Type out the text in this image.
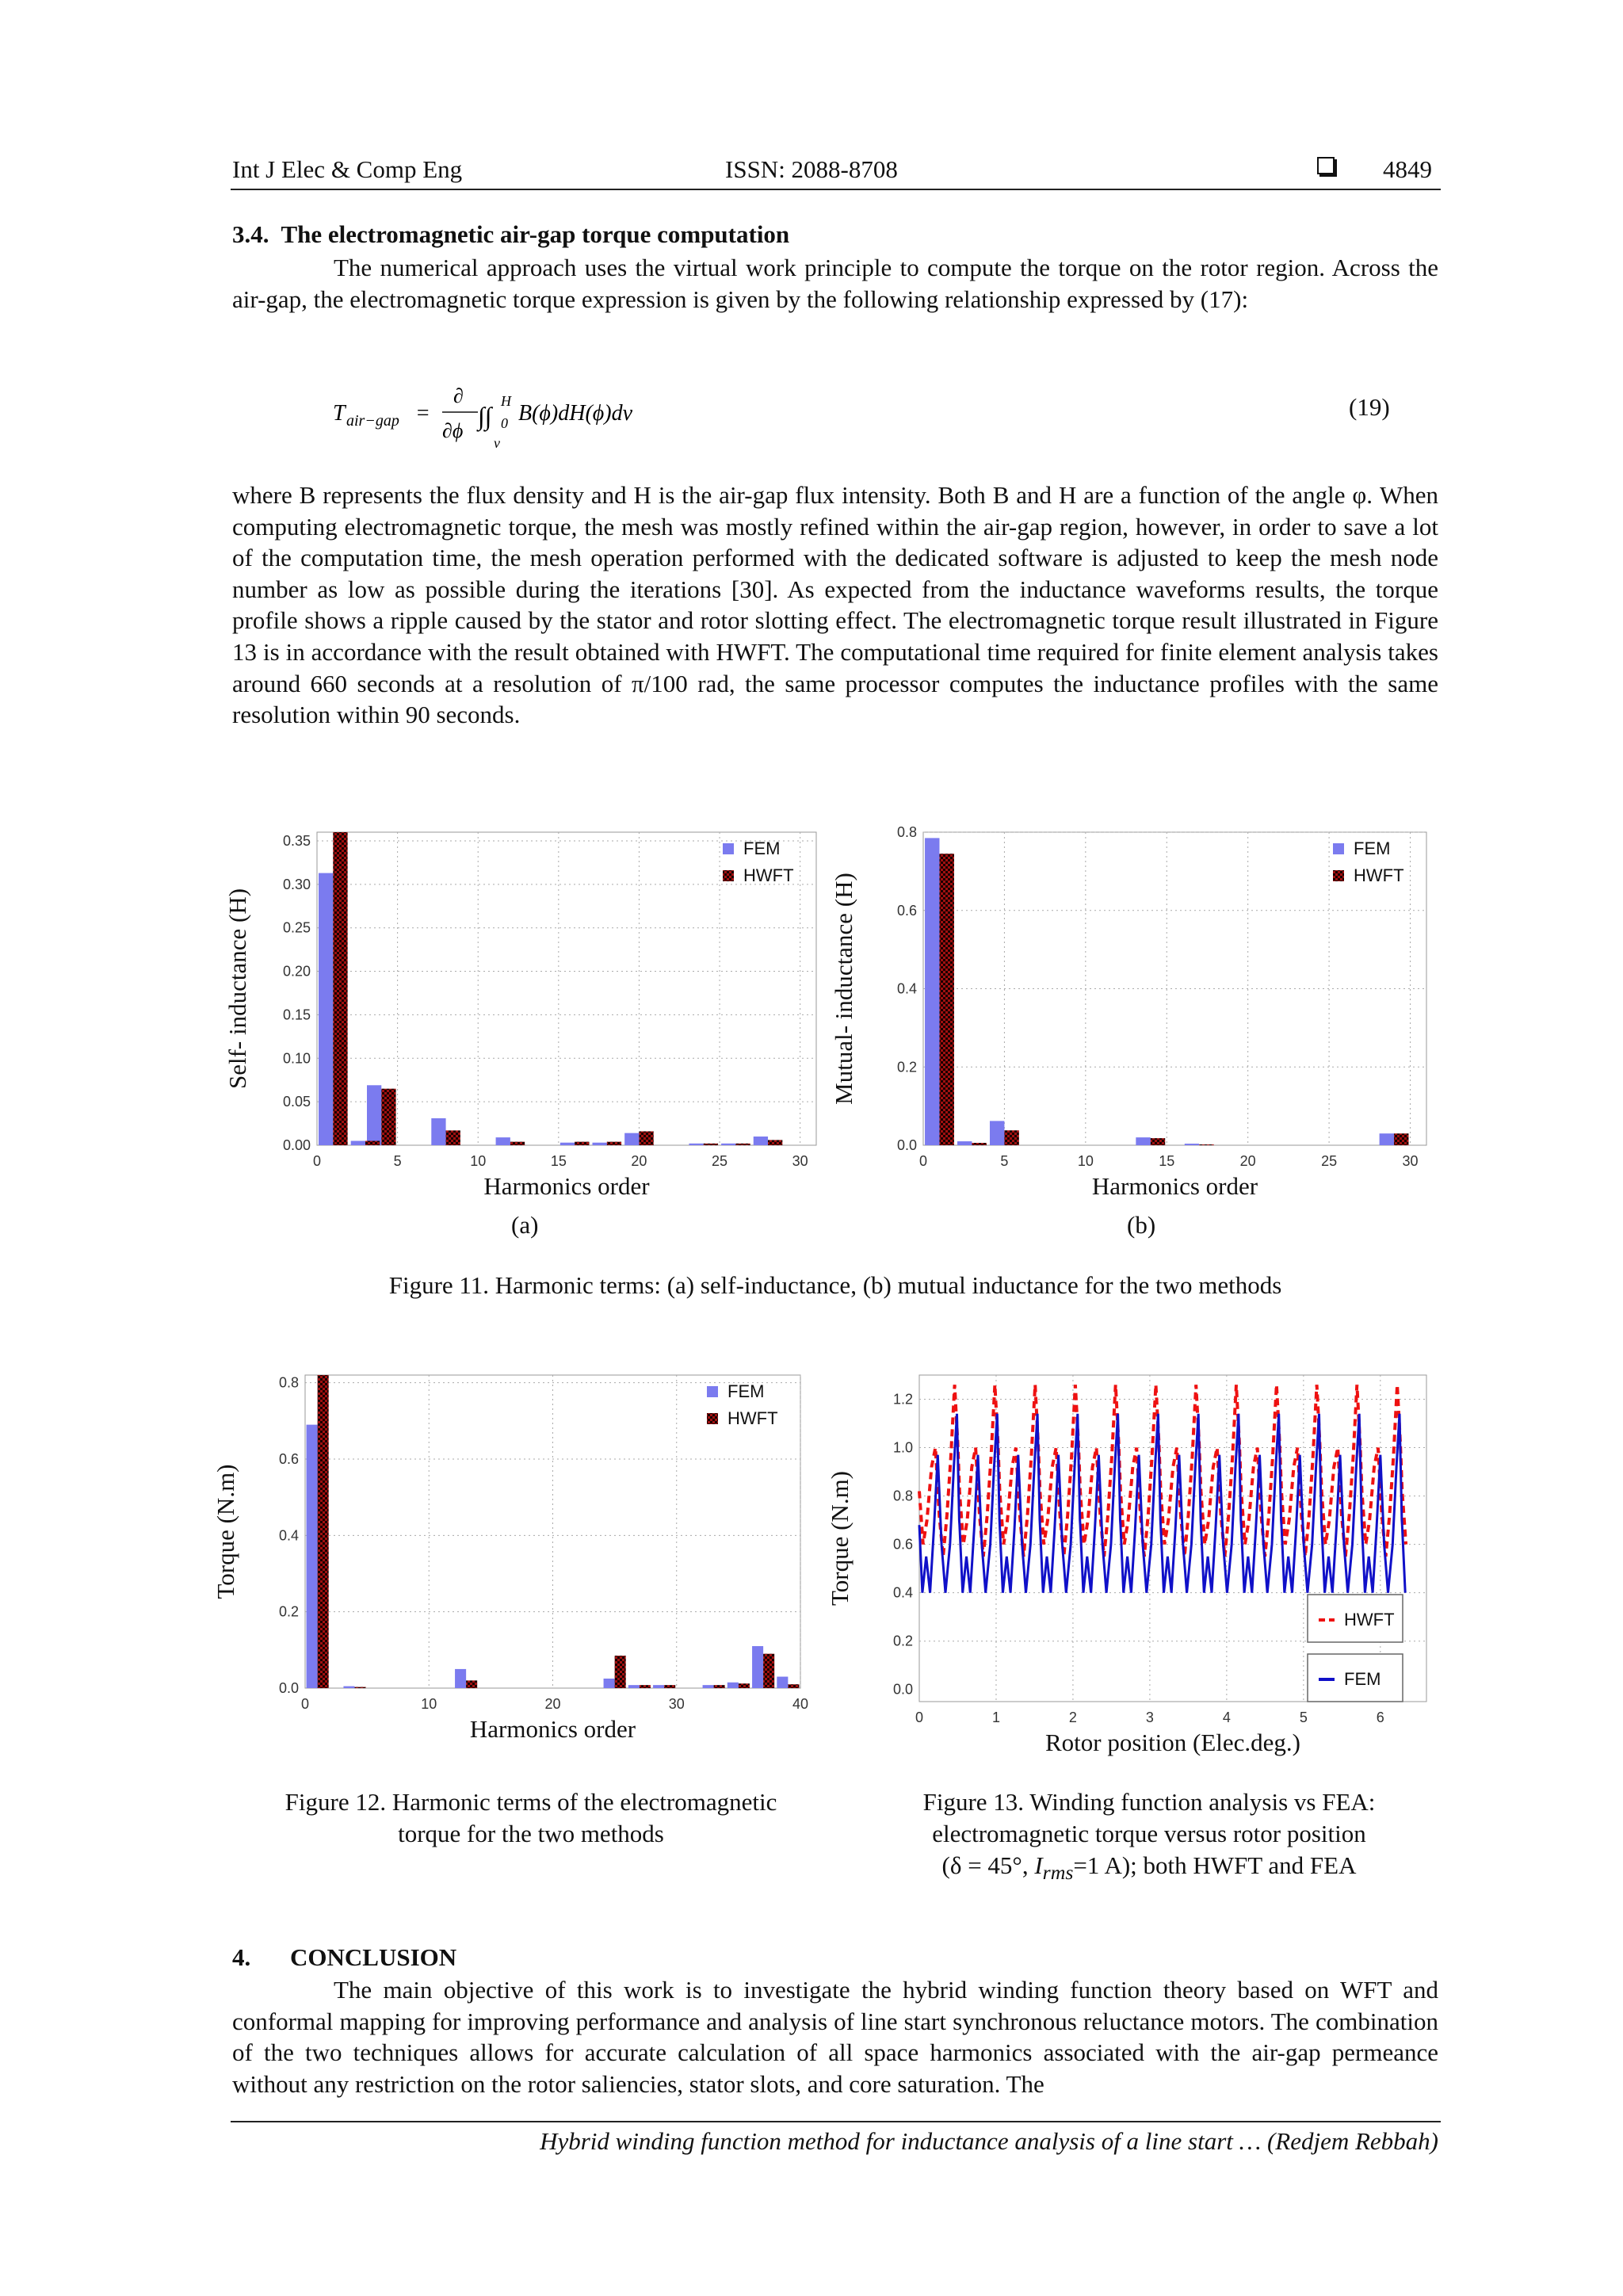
Int J Elec & Comp Eng	ISSN: 2088-8708	4849
3.4. The electromagnetic air-gap torque computation
The numerical approach uses the virtual work principle to compute the torque on the rotor region. Across the air-gap, the electromagnetic torque expression is given by the following relationship expressed by (17):
T air−gap =
∂
∂ϕ
∫∫
v
0
H B(ϕ)dH(ϕ)dv	(19)
where B represents the flux density and H is the air-gap flux intensity. Both B and H are a function of the angle φ. When computing electromagnetic torque, the mesh was mostly refined within the air-gap region, however, in order to save a lot of the computation time, the mesh operation performed with the dedicated software is adjusted to keep the mesh node number as low as possible during the iterations [30]. As expected from the inductance waveforms results, the torque profile shows a ripple caused by the stator and rotor slotting effect. The electromagnetic torque result illustrated in Figure 13 is in accordance with the result obtained with HWFT. The computational time required for finite element analysis takes around 660 seconds at a resolution of π/100 rad, the same processor computes the inductance profiles with the same resolution within 90 seconds.
0	5	10	15	20	25	30
0.00
0.05
0.10
0.15
0.20
0.25
0.30
0.35
Harmonics order
Self- inductance (H)
FEM
HWFT
(a)
0	5	10	15	20	25	30
0.0
0.2
0.4
0.6
0.8
Harmonics order
Mutual- inductance (H)
FEM
HWFT
(b)
Figure 11. Harmonic terms: (a) self-inductance, (b) mutual inductance for the two methods
0	10	20	30	40
0.0
0.2
0.4
0.6
0.8
Harmonics order
Torque (N.m)
FEM
HWFT
Figure 12. Harmonic terms of the electromagnetic
torque for the two methods
0	1	2	3	4	5	6
0.0
0.2
0.4
0.6
0.8
1.0
1.2
Rotor position (Elec.deg.)
Torque (N.m)
HWFT
FEM
Figure 13. Winding function analysis vs FEA:
electromagnetic torque versus rotor position
(δ = 45°, $I_{rms}=1$ A); both HWFT and FEA
4. CONCLUSION
The main objective of this work is to investigate the hybrid winding function theory based on WFT and conformal mapping for improving performance and analysis of line start synchronous reluctance motors. The combination of the two techniques allows for accurate calculation of all space harmonics associated with the air-gap permeance without any restriction on the rotor saliencies, stator slots, and core saturation. The
Hybrid winding function method for inductance analysis of a line start … (Redjem Rebbah)
